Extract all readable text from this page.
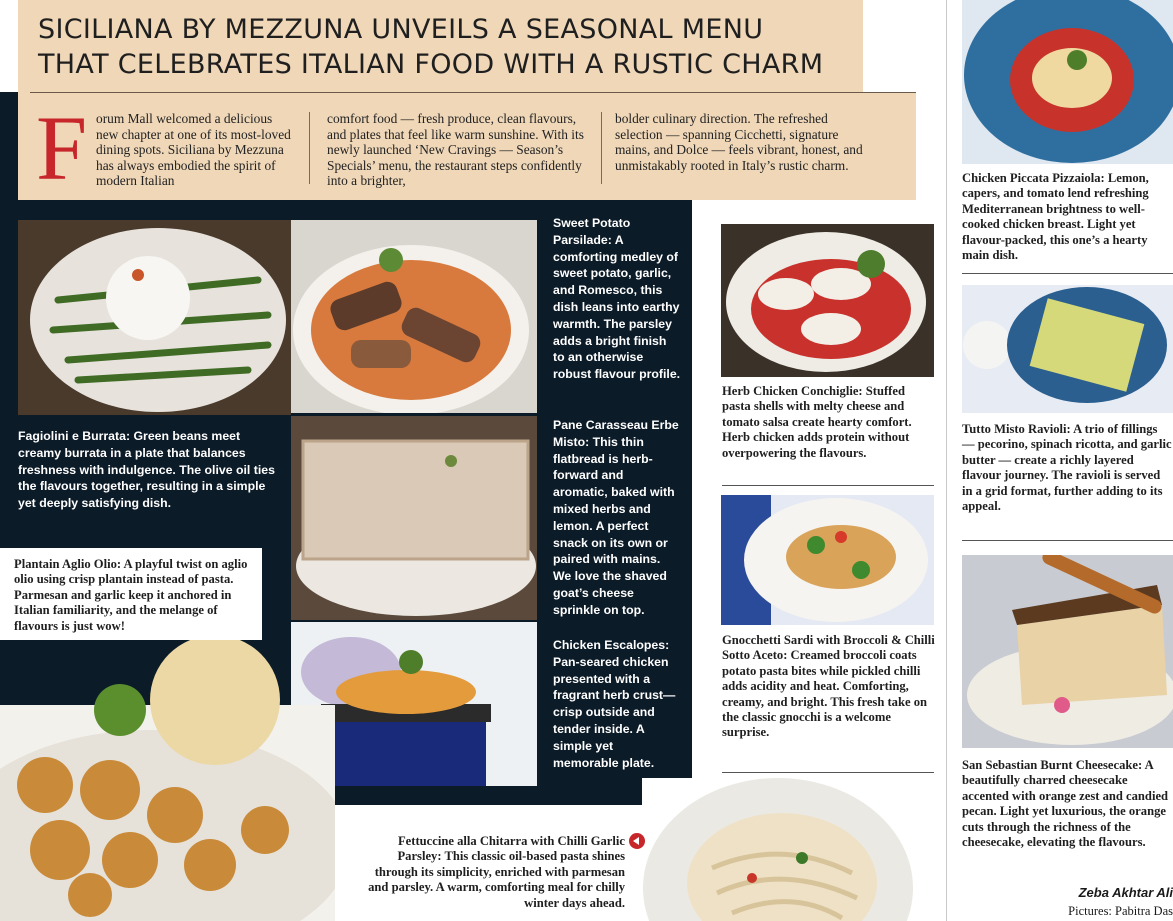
SICILIANA BY MEZZUNA UNVEILS A SEASONAL MENU
THAT CELEBRATES ITALIAN FOOD WITH A RUSTIC CHARM
F orum Mall welcomed a delicious new chapter at one of its most-loved dining spots. Siciliana by Mezzuna has always embodied the spirit of modern Italian
comfort food — fresh produce, clean flavours, and plates that feel like warm sunshine. With its newly launched ‘New Cravings — Season’s Specials’ menu, the restaurant steps confidently into a brighter,
bolder culinary direction. The refreshed selection — spanning Cicchetti, signature mains, and Dolce — feels vibrant, honest, and unmistakably rooted in Italy’s rustic charm.
Herb Chicken Conchiglie: Stuffed pasta shells with melty cheese and tomato salsa create hearty comfort. Herb chicken adds protein without overpowering the flavours.
Gnocchetti Sardi with Broccoli & Chilli Sotto Aceto: Creamed broccoli coats potato pasta bites while pickled chilli adds acidity and heat. Comforting, creamy, and bright. This fresh take on the classic gnocchi is a welcome surprise.
Chicken Piccata Pizzaiola: Lemon, capers, and tomato lend refreshing Mediterranean brightness to well-cooked chicken breast. Light yet flavour-packed, this one’s a hearty main dish.
Tutto Misto Ravioli: A trio of fillings — pecorino, spinach ricotta, and garlic butter — create a richly layered flavour journey. The ravioli is served in a grid format, further adding to its appeal.
San Sebastian Burnt Cheesecake: A beautifully charred cheesecake accented with orange zest and candied pecan. Light yet luxurious, the orange cuts through the richness of the cheesecake, elevating the flavours.
Sweet Potato Parsilade: A comforting medley of sweet potato, garlic, and Romesco, this dish leans into earthy warmth. The parsley adds a bright finish to an otherwise robust flavour profile.
Pane Carasseau Erbe Misto: This thin flatbread is herb-forward and aromatic, baked with mixed herbs and lemon. A perfect snack on its own or paired with mains. We love the shaved goat’s cheese sprinkle on top.
Chicken Escalopes: Pan-seared chicken presented with a fragrant herb crust— crisp outside and tender inside. A simple yet memorable plate.
Fagiolini e Burrata: Green beans meet creamy burrata in a plate that balances freshness with indulgence. The olive oil ties the flavours together, resulting in a simple yet deeply satisfying dish.
Plantain Aglio Olio: A playful twist on aglio olio using crisp plantain instead of pasta. Parmesan and garlic keep it anchored in Italian familiarity, and the melange of flavours is just wow!
Fettuccine alla Chitarra with Chilli Garlic Parsley: This classic oil-based pasta shines through its simplicity, enriched with parmesan and parsley. A warm, comforting meal for chilly winter days ahead.
Zeba Akhtar Ali
Pictures: Pabitra Das
